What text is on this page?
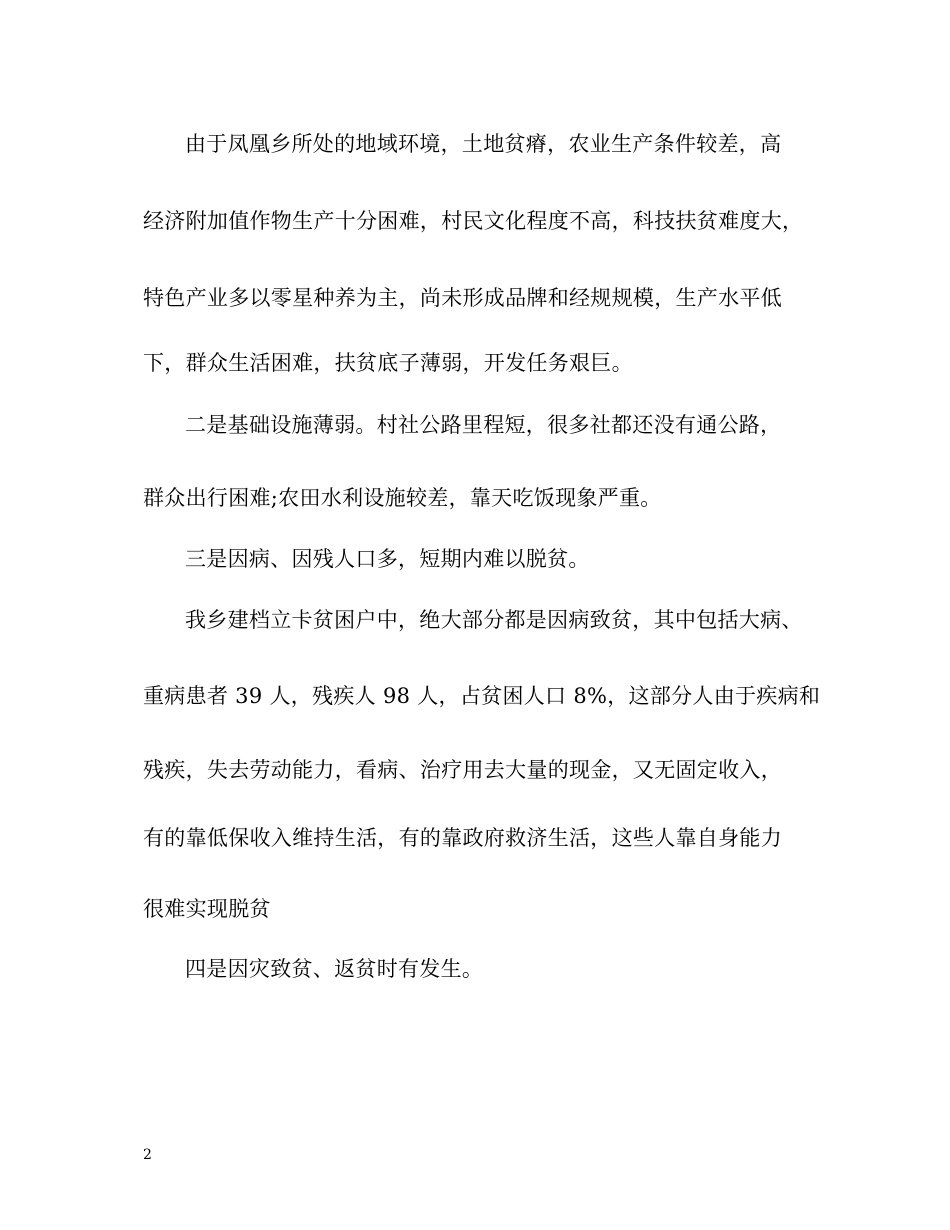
由于凤凰乡所处的地域环境，土地贫瘠，农业生产条件较差，高
经济附加值作物生产十分困难，村民文化程度不高，科技扶贫难度大，
特色产业多以零星种养为主，尚未形成品牌和经规规模，生产水平低
下，群众生活困难，扶贫底子薄弱，开发任务艰巨。
二是基础设施薄弱。村社公路里程短，很多社都还没有通公路，
群众出行困难;农田水利设施较差，靠天吃饭现象严重。
三是因病、因残人口多，短期内难以脱贫。
我乡建档立卡贫困户中，绝大部分都是因病致贫，其中包括大病、
重病患者 39 人，残疾人 98 人，占贫困人口 8%，这部分人由于疾病和
残疾，失去劳动能力，看病、治疗用去大量的现金，又无固定收入，
有的靠低保收入维持生活，有的靠政府救济生活，这些人靠自身能力
很难实现脱贫
四是因灾致贫、返贫时有发生。
2
